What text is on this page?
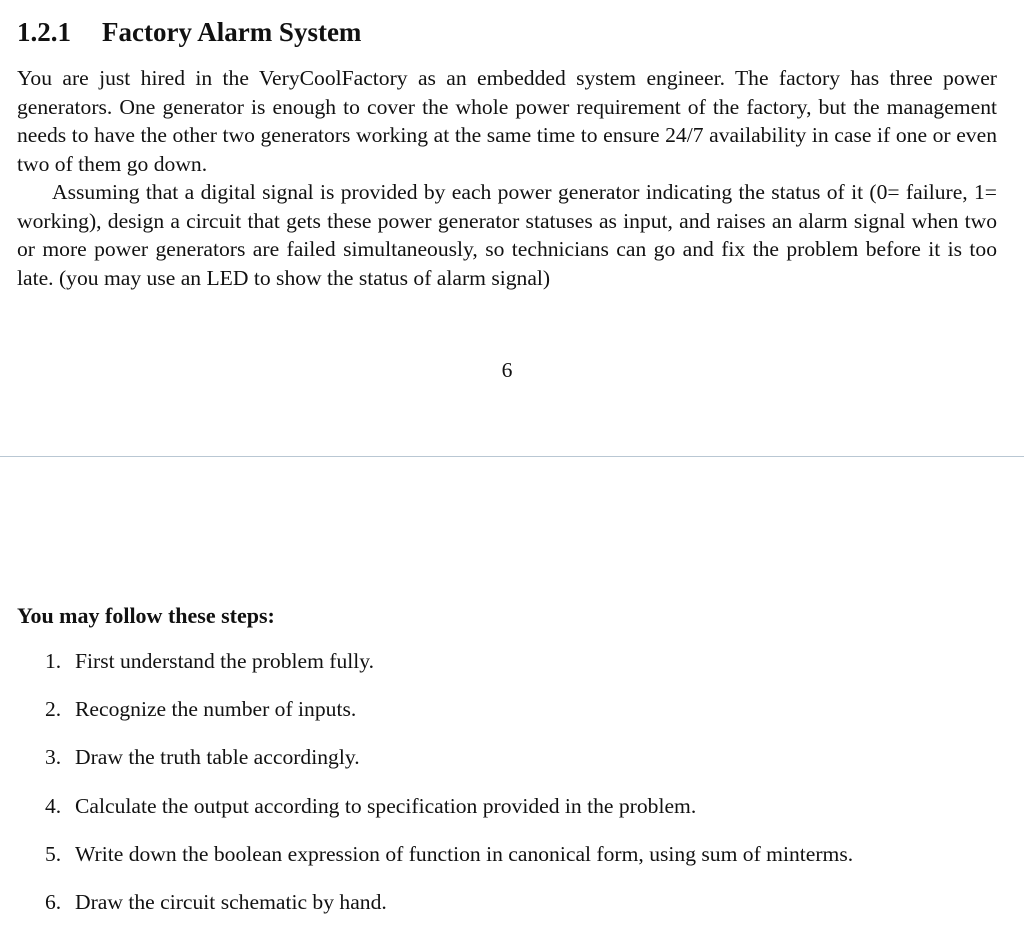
1.2.1 Factory Alarm System

You are just hired in the VeryCoolFactory as an embedded system engineer. The factory has three power generators. One generator is enough to cover the whole power requirement of the factory, but the management needs to have the other two generators working at the same time to ensure 24/7 availability in case if one or even two of them go down.

Assuming that a digital signal is provided by each power generator indicating the status of it (0= failure, 1= working), design a circuit that gets these power generator statuses as input, and raises an alarm signal when two or more power generators are failed simultaneously, so technicians can go and fix the problem before it is too late. (you may use an LED to show the status of alarm signal)

6
You may follow these steps:
1. First understand the problem fully.
2. Recognize the number of inputs.
3. Draw the truth table accordingly.
4. Calculate the output according to specification provided in the problem.
5. Write down the boolean expression of function in canonical form, using sum of minterms.
6. Draw the circuit schematic by hand.
